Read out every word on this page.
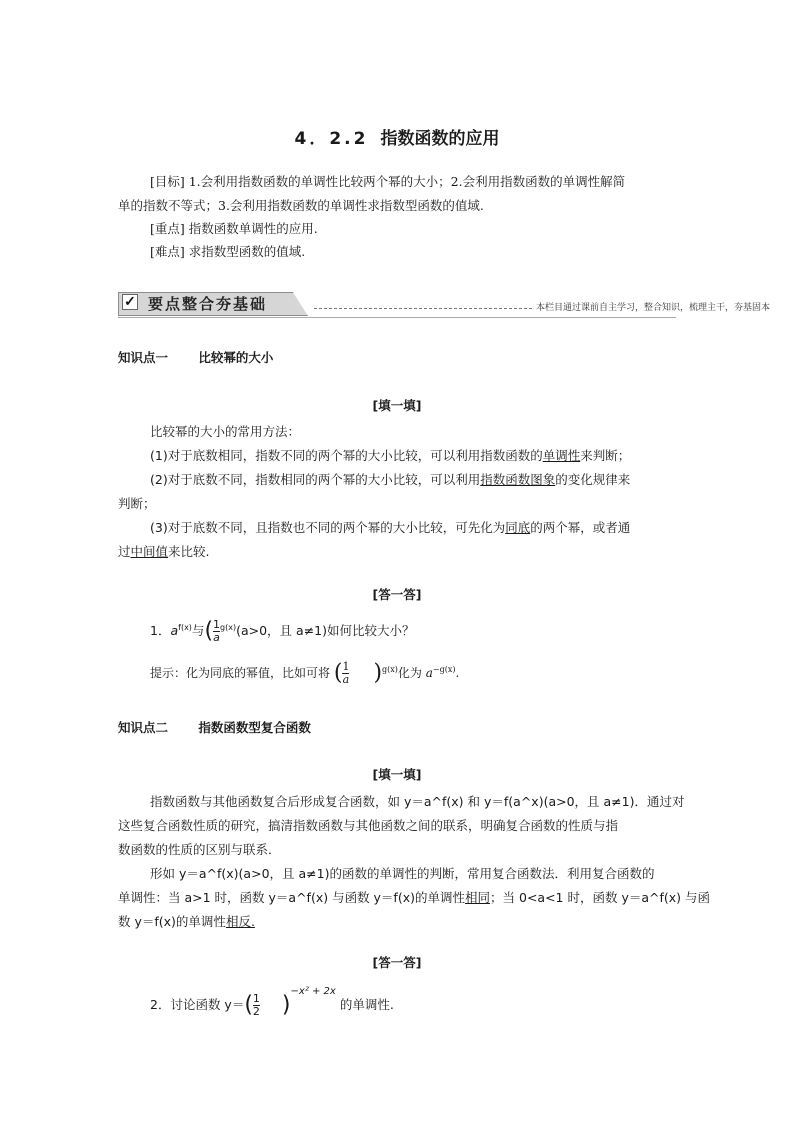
4．2.2 指数函数的应用
[目标] 1.会利用指数函数的单调性比较两个幂的大小；2.会利用指数函数的单调性解简
单的指数不等式；3.会利用指数函数的单调性求指数型函数的值域.
[重点] 指数函数单调性的应用.
[难点] 求指数型函数的值域.
✓ 要点整合夯基础	本栏目通过课前自主学习，整合知识，梳理主干，夯基固本
知识点一 比较幂的大小
[填一填]
比较幂的大小的常用方法：
(1)对于底数相同，指数不同的两个幂的大小比较，可以利用指数函数的单调性来判断；
(2)对于底数不同，指数相同的两个幂的大小比较，可以利用指数函数图象的变化规律来
判断；
(3)对于底数不同，且指数也不同的两个幂的大小比较，可先化为同底的两个幂，或者通
过中间值来比较.
[答一答]
1．$a^{f(x)}$与($\frac{1}{a} ^{g(x)}(a>0$，且 a≠1)如何比较大小？
提示：化为同底的幂值，比如可将 $(\frac{1}{a} )^{g(x)}$化为 $a^{-g(x)}$.
知识点二 指数函数型复合函数
[填一填]
指数函数与其他函数复合后形成复合函数，如 y＝a^f(x) 和 y＝f(a^x)(a>0，且 a≠1)．通过对
这些复合函数性质的研究，搞清指数函数与其他函数之间的联系，明确复合函数的性质与指
数函数的性质的区别与联系．
形如 y＝a^f(x)(a>0，且 a≠1)的函数的单调性的判断，常用复合函数法．利用复合函数的
单调性：当 a>1 时，函数 y＝a^f(x) 与函数 y＝f(x)的单调性相同；当 0<a<1 时，函数 y＝a^f(x) 与函
数 y＝f(x)的单调性相反.
[答一答]
2．讨论函数 $y=(\frac{1}{2} )^{-x^2 + 2x}$的单调性.
